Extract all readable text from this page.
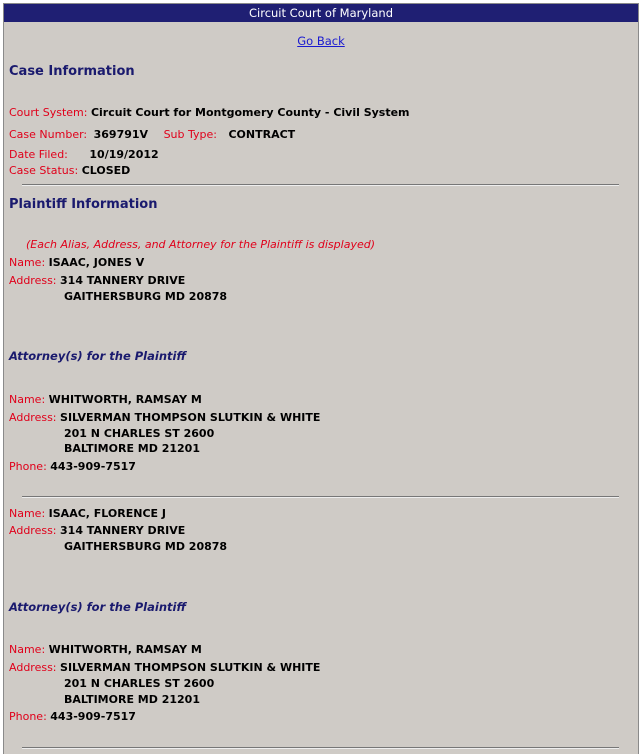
Circuit Court of Maryland
Go Back
Case Information
Court System: Circuit Court for Montgomery County - Civil System
Case Number: 369791V Sub Type: CONTRACT
Date Filed: 10/19/2012
Case Status: CLOSED
Plaintiff Information
(Each Alias, Address, and Attorney for the Plaintiff is displayed)
Name: ISAAC, JONES V
Address: 314 TANNERY DRIVE
GAITHERSBURG MD 20878
Attorney(s) for the Plaintiff
Name: WHITWORTH, RAMSAY M
Address: SILVERMAN THOMPSON SLUTKIN & WHITE
201 N CHARLES ST 2600
BALTIMORE MD 21201
Phone: 443-909-7517
Name: ISAAC, FLORENCE J
Address: 314 TANNERY DRIVE
GAITHERSBURG MD 20878
Attorney(s) for the Plaintiff
Name: WHITWORTH, RAMSAY M
Address: SILVERMAN THOMPSON SLUTKIN & WHITE
201 N CHARLES ST 2600
BALTIMORE MD 21201
Phone: 443-909-7517
